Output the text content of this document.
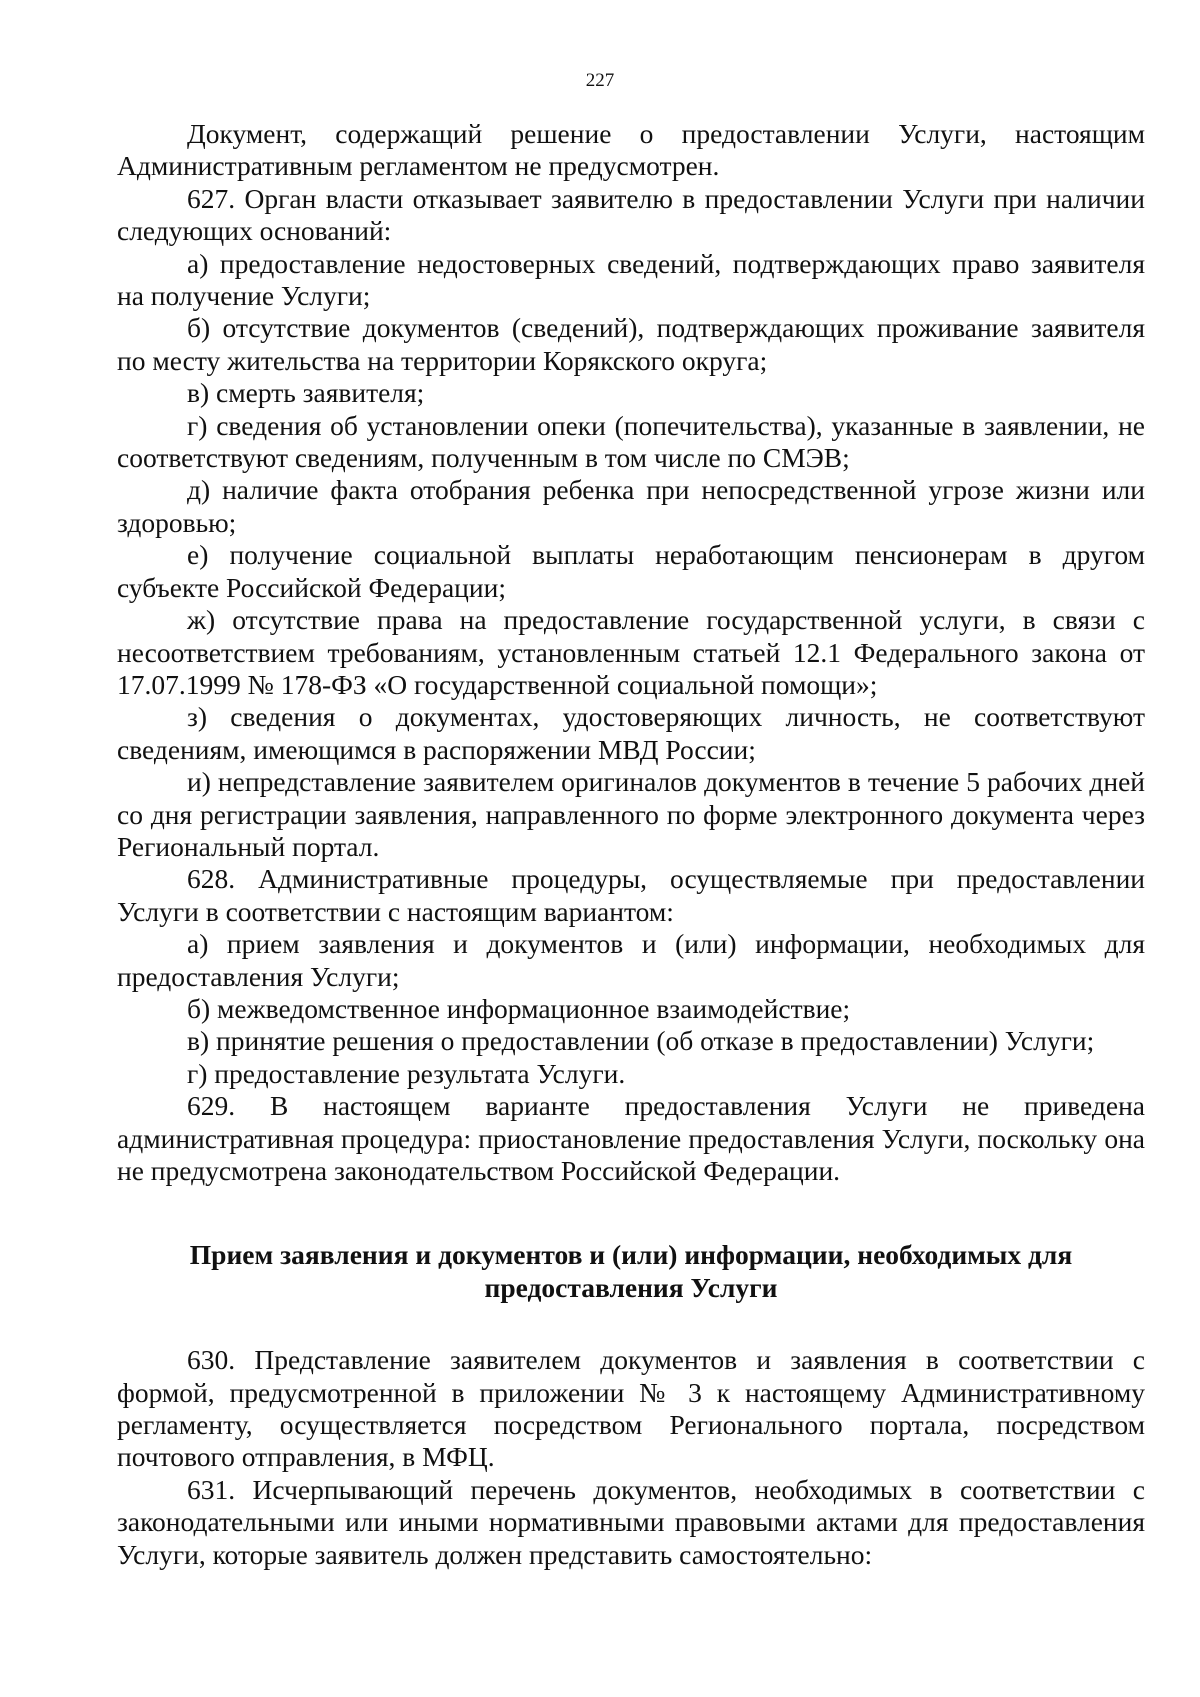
227

Документ, содержащий решение о предоставлении Услуги, настоящим Административным регламентом не предусмотрен.

627. Орган власти отказывает заявителю в предоставлении Услуги при наличии следующих оснований:

а) предоставление недостоверных сведений, подтверждающих право заявителя на получение Услуги;

б) отсутствие документов (сведений), подтверждающих проживание заявителя по месту жительства на территории Корякского округа;

в) смерть заявителя;

г) сведения об установлении опеки (попечительства), указанные в заявлении, не соответствуют сведениям, полученным в том числе по СМЭВ;

д) наличие факта отобрания ребенка при непосредственной угрозе жизни или здоровью;

е) получение социальной выплаты неработающим пенсионерам в другом субъекте Российской Федерации;

ж) отсутствие права на предоставление государственной услуги, в связи с несоответствием требованиям, установленным статьей 12.1 Федерального закона от 17.07.1999 № 178-ФЗ «О государственной социальной помощи»;

з) сведения о документах, удостоверяющих личность, не соответствуют сведениям, имеющимся в распоряжении МВД России;

и) непредставление заявителем оригиналов документов в течение 5 рабочих дней со дня регистрации заявления, направленного по форме электронного документа через Региональный портал.

628. Административные процедуры, осуществляемые при предоставлении Услуги в соответствии с настоящим вариантом:

а) прием заявления и документов и (или) информации, необходимых для предоставления Услуги;

б) межведомственное информационное взаимодействие;

в) принятие решения о предоставлении (об отказе в предоставлении) Услуги;

г) предоставление результата Услуги.

629. В настоящем варианте предоставления Услуги не приведена административная процедура: приостановление предоставления Услуги, поскольку она не предусмотрена законодательством Российской Федерации.

Прием заявления и документов и (или) информации, необходимых для предоставления Услуги

630. Представление заявителем документов и заявления в соответствии с формой, предусмотренной в приложении № 3 к настоящему Административному регламенту, осуществляется посредством Регионального портала, посредством почтового отправления, в МФЦ.

631. Исчерпывающий перечень документов, необходимых в соответствии с законодательными или иными нормативными правовыми актами для предоставления Услуги, которые заявитель должен представить самостоятельно:
